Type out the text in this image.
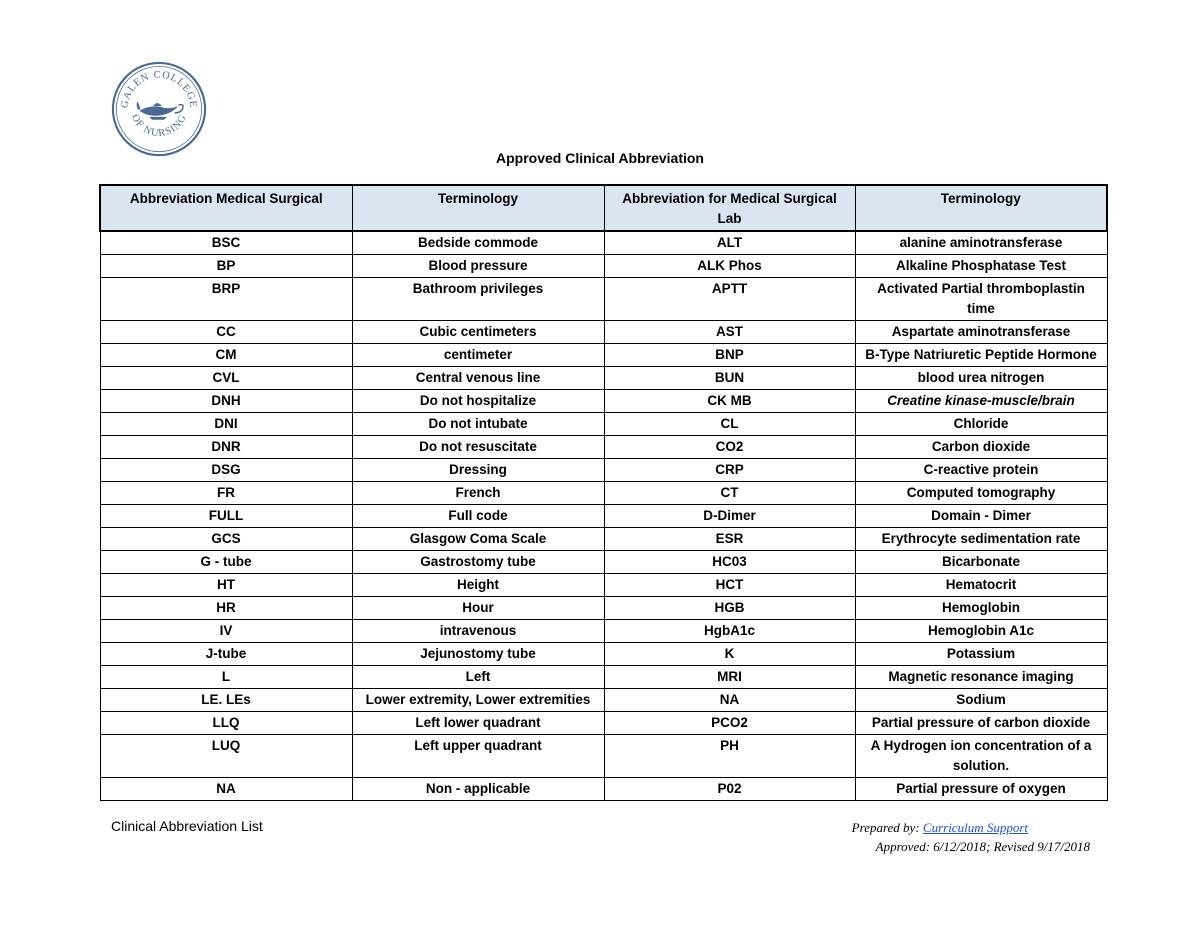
GALEN COLLEGE
OF NURSING
Approved Clinical Abbreviation
Abbreviation Medical Surgical	Terminology	Abbreviation for Medical Surgical Lab	Terminology
BSC	Bedside commode	ALT	alanine aminotransferase
BP	Blood pressure	ALK Phos	Alkaline Phosphatase Test
BRP	Bathroom privileges	APTT	Activated Partial thromboplastin time
CC	Cubic centimeters	AST	Aspartate aminotransferase
CM	centimeter	BNP	B-Type Natriuretic Peptide Hormone
CVL	Central venous line	BUN	blood urea nitrogen
DNH	Do not hospitalize	CK MB	Creatine kinase-muscle/brain
DNI	Do not intubate	CL	Chloride
DNR	Do not resuscitate	CO2	Carbon dioxide
DSG	Dressing	CRP	C-reactive protein
FR	French	CT	Computed tomography
FULL	Full code	D-Dimer	Domain - Dimer
GCS	Glasgow Coma Scale	ESR	Erythrocyte sedimentation rate
G - tube	Gastrostomy tube	HC03	Bicarbonate
HT	Height	HCT	Hematocrit
HR	Hour	HGB	Hemoglobin
IV	intravenous	HgbA1c	Hemoglobin A1c
J-tube	Jejunostomy tube	K	Potassium
L	Left	MRI	Magnetic resonance imaging
LE. LEs	Lower extremity, Lower extremities	NA	Sodium
LLQ	Left lower quadrant	PCO2	Partial pressure of carbon dioxide
LUQ	Left upper quadrant	PH	A Hydrogen ion concentration of a solution.
NA	Non - applicable	P02	Partial pressure of oxygen
Clinical Abbreviation List	Prepared by: Curriculum Support
Approved: 6/12/2018; Revised 9/17/2018
